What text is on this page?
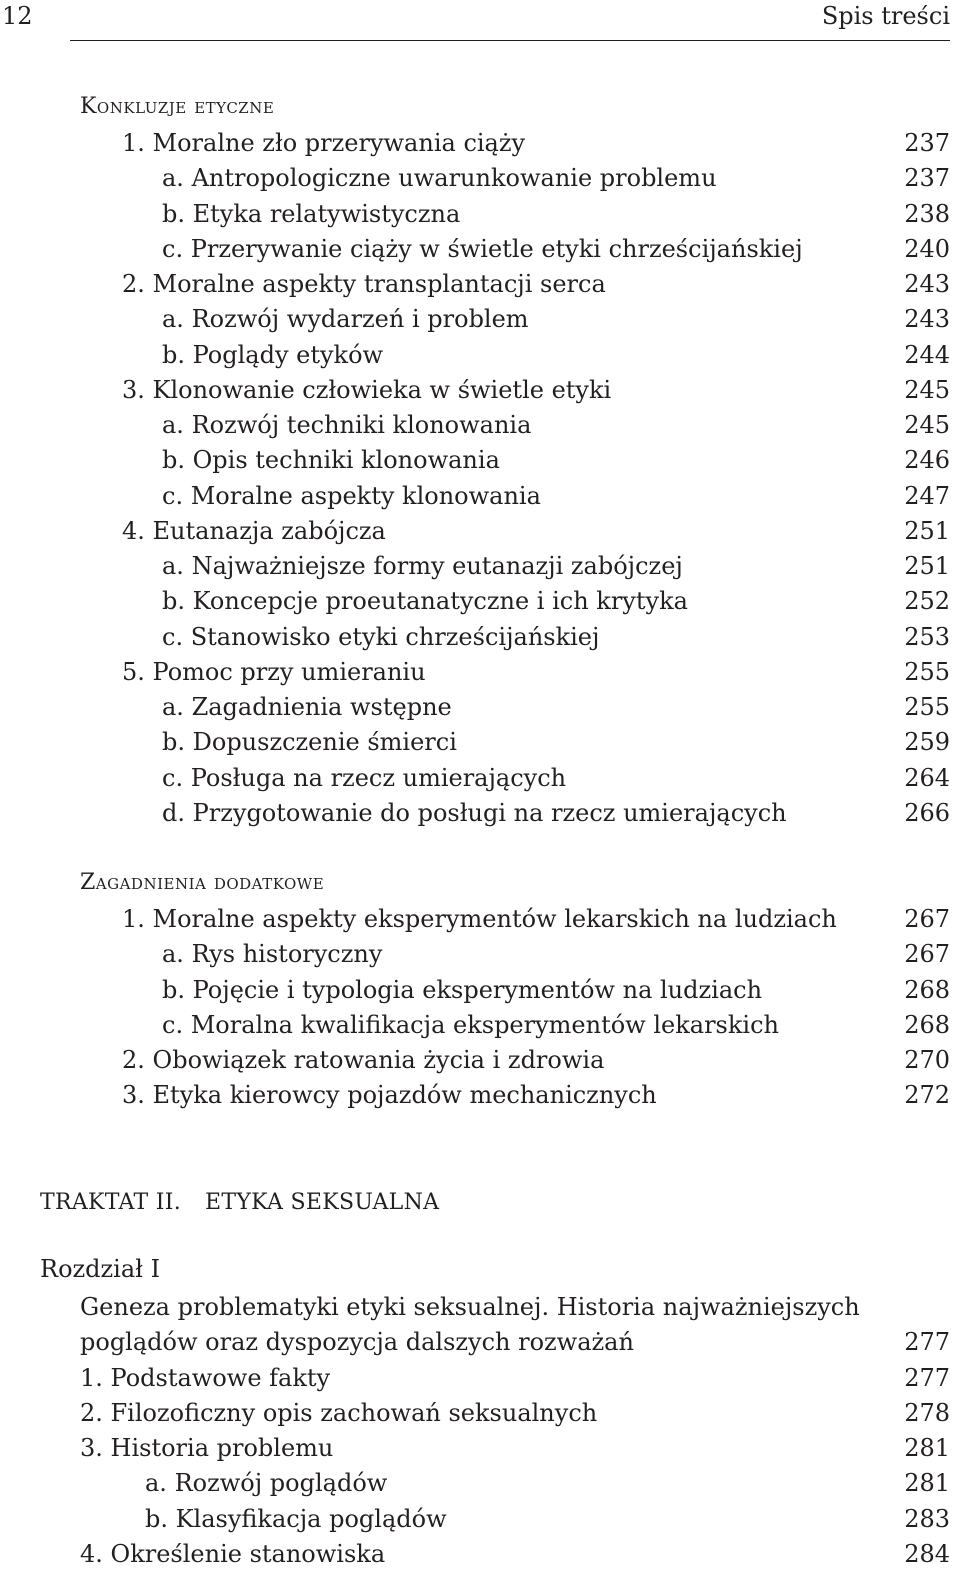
12	Spis treści
Konkluzje etyczne
1. Moralne zło przerywania ciąży	237
a. Antropologiczne uwarunkowanie problemu	237
b. Etyka relatywistyczna	238
c. Przerywanie ciąży w świetle etyki chrześcijańskiej	240
2. Moralne aspekty transplantacji serca	243
a. Rozwój wydarzeń i problem	243
b. Poglądy etyków	244
3. Klonowanie człowieka w świetle etyki	245
a. Rozwój techniki klonowania	245
b. Opis techniki klonowania	246
c. Moralne aspekty klonowania	247
4. Eutanazja zabójcza	251
a. Najważniejsze formy eutanazji zabójczej	251
b. Koncepcje proeutanatyczne i ich krytyka	252
c. Stanowisko etyki chrześcijańskiej	253
5. Pomoc przy umieraniu	255
a. Zagadnienia wstępne	255
b. Dopuszczenie śmierci	259
c. Posługa na rzecz umierających	264
d. Przygotowanie do posługi na rzecz umierających	266
Zagadnienia dodatkowe
1. Moralne aspekty eksperymentów lekarskich na ludziach	267
a. Rys historyczny	267
b. Pojęcie i typologia eksperymentów na ludziach	268
c. Moralna kwalifikacja eksperymentów lekarskich	268
2. Obowiązek ratowania życia i zdrowia	270
3. Etyka kierowcy pojazdów mechanicznych	272
TRAKTAT II. ETYKA SEKSUALNA
Rozdział I
Geneza problematyki etyki seksualnej. Historia najważniejszych
poglądów oraz dyspozycja dalszych rozważań	277
1. Podstawowe fakty	277
2. Filozoficzny opis zachowań seksualnych	278
3. Historia problemu	281
a. Rozwój poglądów	281
b. Klasyfikacja poglądów	283
4. Określenie stanowiska	284
